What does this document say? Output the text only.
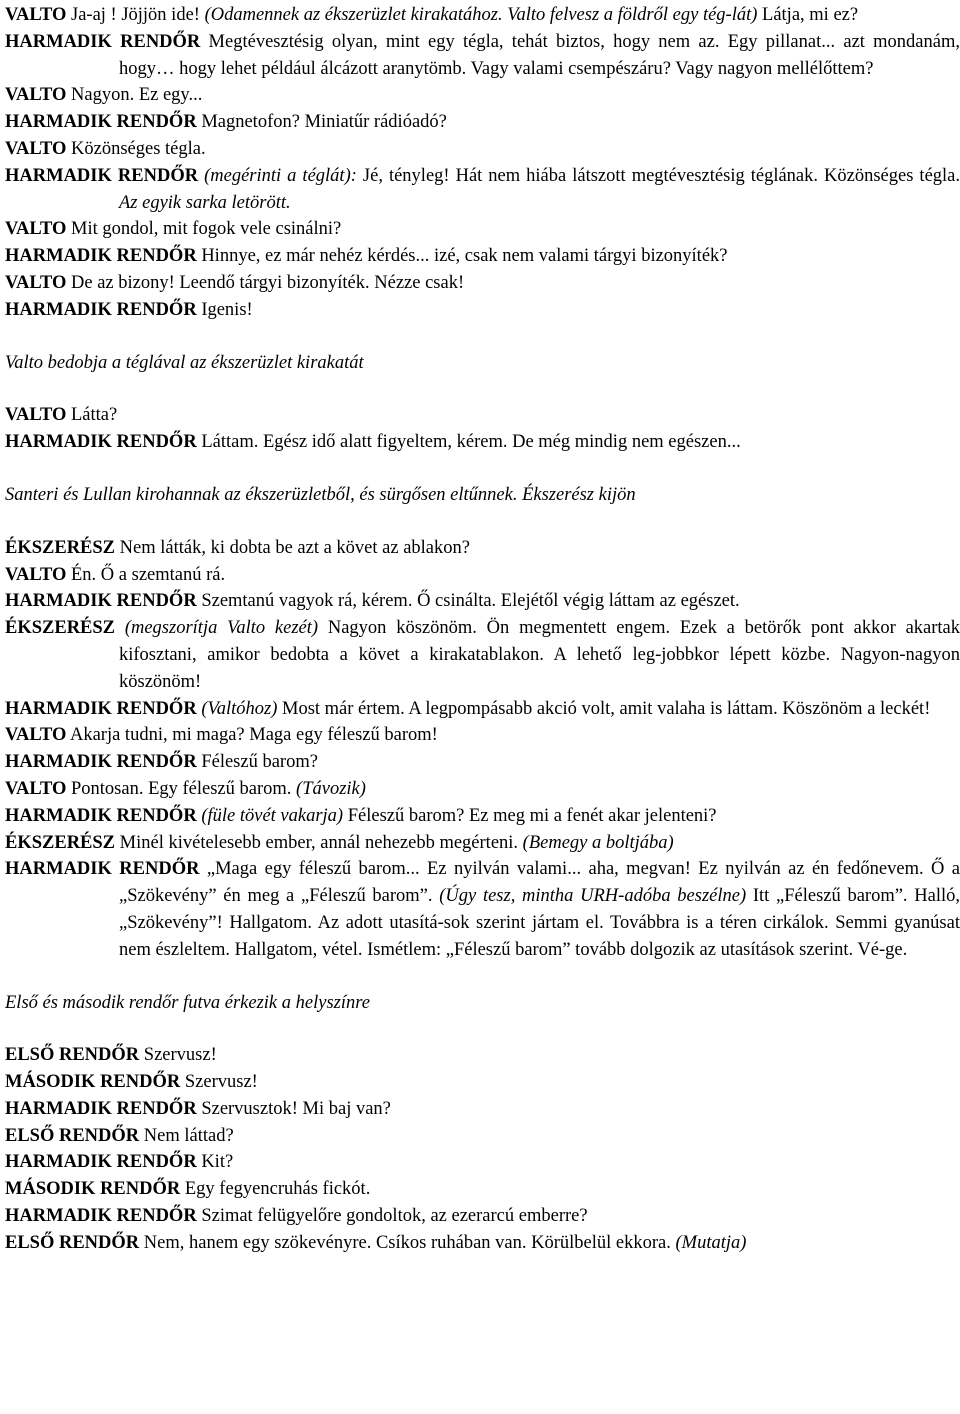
VALTO Ja-aj ! Jöjjön ide! (Odamennek az ékszerüzlet kirakatához. Valto felvesz a földről egy tég-lát) Látja, mi ez?

HARMADIK RENDŐR Megtévesztésig olyan, mint egy tégla, tehát biztos, hogy nem az. Egy pillanat... azt mondanám, hogy… hogy lehet például álcázott aranytömb. Vagy valami csempészáru? Vagy nagyon mellélőttem?

VALTO Nagyon. Ez egy...

HARMADIK RENDŐR Magnetofon? Miniatűr rádióadó?

VALTO Közönséges tégla.

HARMADIK RENDŐR (megérinti a téglát): Jé, tényleg! Hát nem hiába látszott megtévesztésig téglának. Közönséges tégla. Az egyik sarka letörött.

VALTO Mit gondol, mit fogok vele csinálni?

HARMADIK RENDŐR Hinnye, ez már nehéz kérdés... izé, csak nem valami tárgyi bizonyíték?

VALTO De az bizony! Leendő tárgyi bizonyíték. Nézze csak!

HARMADIK RENDŐR Igenis!

Valto bedobja a téglával az ékszerüzlet kirakatát

VALTO Látta?

HARMADIK RENDŐR Láttam. Egész idő alatt figyeltem, kérem. De még mindig nem egészen...

Santeri és Lullan kirohannak az ékszerüzletből, és sürgősen eltűnnek. Ékszerész kijön

ÉKSZERÉSZ Nem látták, ki dobta be azt a követ az ablakon?

VALTO Én. Ő a szemtanú rá.

HARMADIK RENDŐR Szemtanú vagyok rá, kérem. Ő csinálta. Elejétől végig láttam az egészet.

ÉKSZERÉSZ (megszorítja Valto kezét) Nagyon köszönöm. Ön megmentett engem. Ezek a betörők pont akkor akartak kifosztani, amikor bedobta a követ a kirakatablakon. A lehető leg-jobbkor lépett közbe. Nagyon-nagyon köszönöm!

HARMADIK RENDŐR (Valtóhoz) Most már értem. A legpompásabb akció volt, amit valaha is láttam. Köszönöm a leckét!

VALTO Akarja tudni, mi maga? Maga egy féleszű barom!

HARMADIK RENDŐR Féleszű barom?

VALTO Pontosan. Egy féleszű barom. (Távozik)

HARMADIK RENDŐR (füle tövét vakarja) Féleszű barom? Ez meg mi a fenét akar jelenteni?

ÉKSZERÉSZ Minél kivételesebb ember, annál nehezebb megérteni. (Bemegy a boltjába)

HARMADIK RENDŐR „Maga egy féleszű barom... Ez nyilván valami... aha, megvan! Ez nyilván az én fedőnevem. Ő a „Szökevény” én meg a „Féleszű barom”. (Úgy tesz, mintha URH-adóba beszélne) Itt „Féleszű barom”. Halló, „Szökevény”! Hallgatom. Az adott utasítá-sok szerint jártam el. Továbbra is a téren cirkálok. Semmi gyanúsat nem észleltem. Hallgatom, vétel. Ismétlem: „Féleszű barom” tovább dolgozik az utasítások szerint. Vé-ge.

Első és második rendőr futva érkezik a helyszínre

ELSŐ RENDŐR Szervusz!

MÁSODIK RENDŐR Szervusz!

HARMADIK RENDŐR Szervusztok! Mi baj van?

ELSŐ RENDŐR Nem láttad?

HARMADIK RENDŐR Kit?

MÁSODIK RENDŐR Egy fegyencruhás fickót.

HARMADIK RENDŐR Szimat felügyelőre gondoltok, az ezerarcú emberre?

ELSŐ RENDŐR Nem, hanem egy szökevényre. Csíkos ruhában van. Körülbelül ekkora. (Mutatja)
